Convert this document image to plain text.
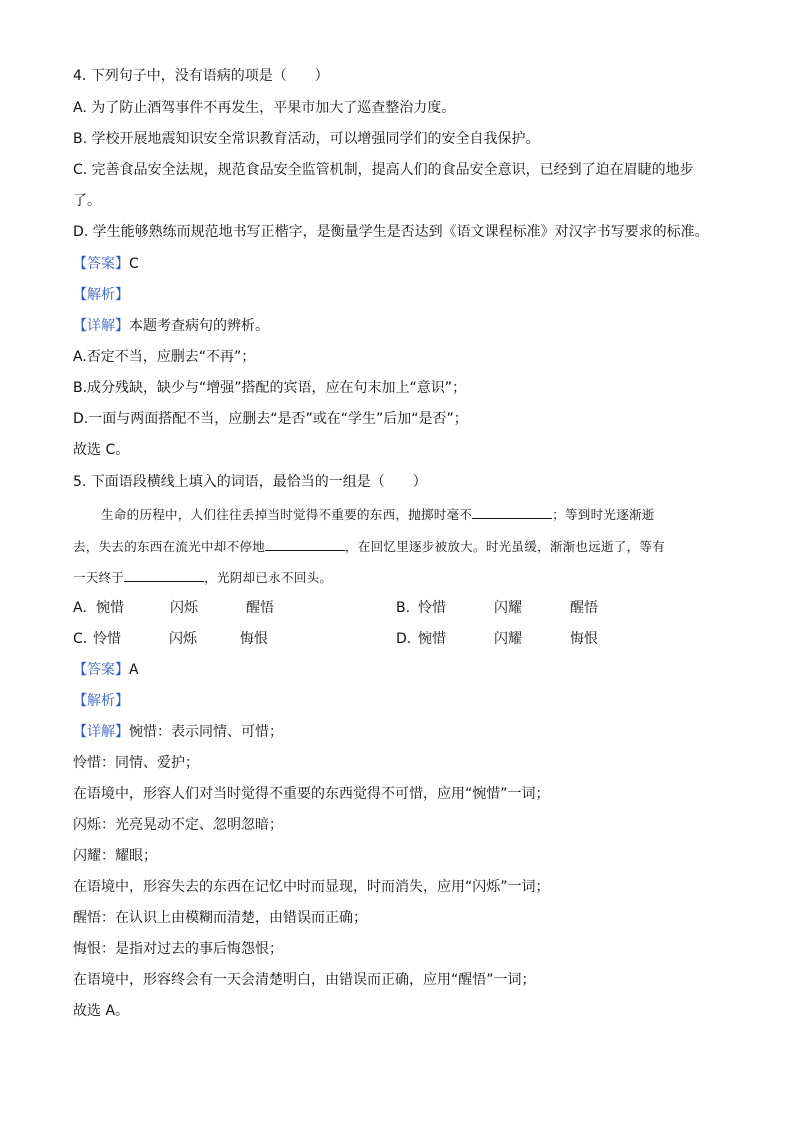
4. 下列句子中，没有语病的项是（　　）
A. 为了防止酒驾事件不再发生，平果市加大了巡查整治力度。
B. 学校开展地震知识安全常识教育活动，可以增强同学们的安全自我保护。
C. 完善食品安全法规，规范食品安全监管机制，提高人们的食品安全意识，已经到了迫在眉睫的地步
了。
D. 学生能够熟练而规范地书写正楷字，是衡量学生是否达到《语文课程标准》对汉字书写要求的标准。
【答案】C
【解析】
【详解】本题考查病句的辨析。
A.否定不当，应删去“不再”；
B.成分残缺，缺少与“增强”搭配的宾语，应在句末加上“意识”；
D.一面与两面搭配不当，应删去“是否”或在“学生”后加“是否”；
故选 C。
5. 下面语段横线上填入的词语，最恰当的一组是（　　）
生命的历程中，人们往往丢掉当时觉得不重要的东西，抛掷时毫不	；等到时光逐渐逝
去，失去的东西在流光中却不停地	，在回忆里逐步被放大。时光虽缓，渐渐也远逝了，等有
一天终于	，光阴却已永不回头。
A. 惋惜	闪烁	醒悟	B. 怜惜	闪耀	醒悟
C. 怜惜	闪烁	悔恨	D. 惋惜	闪耀	悔恨
【答案】A
【解析】
【详解】惋惜：表示同情、可惜；
怜惜：同情、爱护；
在语境中，形容人们对当时觉得不重要的东西觉得不可惜，应用“惋惜”一词；
闪烁：光亮晃动不定、忽明忽暗；
闪耀：耀眼；
在语境中，形容失去的东西在记忆中时而显现，时而消失，应用“闪烁”一词；
醒悟：在认识上由模糊而清楚，由错误而正确；
悔恨：是指对过去的事后悔怨恨；
在语境中，形容终会有一天会清楚明白，由错误而正确，应用“醒悟”一词；
故选 A。
